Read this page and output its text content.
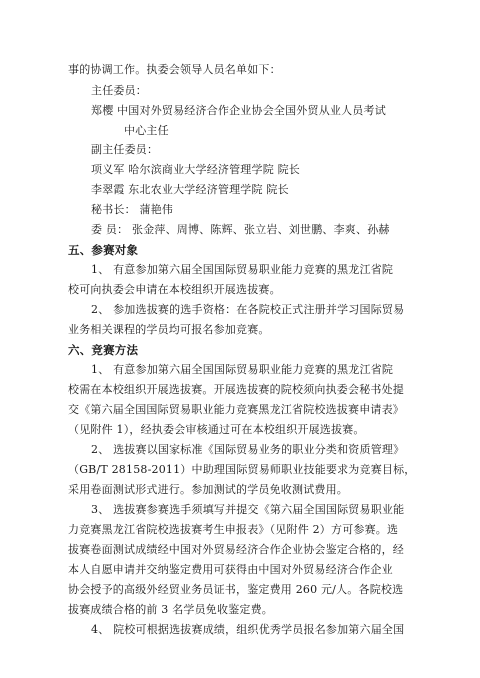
事的协调工作。执委会领导人员名单如下：
主任委员：
郑樱 中国对外贸易经济合作企业协会全国外贸从业人员考试
中心主任
副主任委员：
项义军 哈尔滨商业大学经济管理学院 院长
李翠霞 东北农业大学经济管理学院 院长
秘书长： 蒲艳伟
委 员： 张金萍、周博、陈辉、张立岩、刘世鹏、李爽、孙赫
五、参赛对象
1、 有意参加第六届全国国际贸易职业能力竞赛的黑龙江省院
校可向执委会申请在本校组织开展选拔赛。
2、 参加选拔赛的选手资格：在各院校正式注册并学习国际贸易
业务相关课程的学员均可报名参加竞赛。
六、竞赛方法
1、 有意参加第六届全国国际贸易职业能力竞赛的黑龙江省院
校需在本校组织开展选拔赛。开展选拔赛的院校须向执委会秘书处提
交《第六届全国国际贸易职业能力竞赛黑龙江省院校选拔赛申请表》
（见附件 1），经执委会审核通过可在本校组织开展选拔赛。
2、 选拔赛以国家标准《国际贸易业务的职业分类和资质管理》
（GB/T 28158-2011）中助理国际贸易师职业技能要求为竞赛目标，
采用卷面测试形式进行。参加测试的学员免收测试费用。
3、 选拔赛参赛选手须填写并提交《第六届全国国际贸易职业能
力竞赛黑龙江省院校选拔赛考生申报表》（见附件 2）方可参赛。选
拔赛卷面测试成绩经中国对外贸易经济合作企业协会鉴定合格的，经
本人自愿申请并交纳鉴定费用可获得由中国对外贸易经济合作企业
协会授予的高级外经贸业务员证书，鉴定费用 260 元/人。各院校选
拔赛成绩合格的前 3 名学员免收鉴定费。
4、 院校可根据选拔赛成绩，组织优秀学员报名参加第六届全国
